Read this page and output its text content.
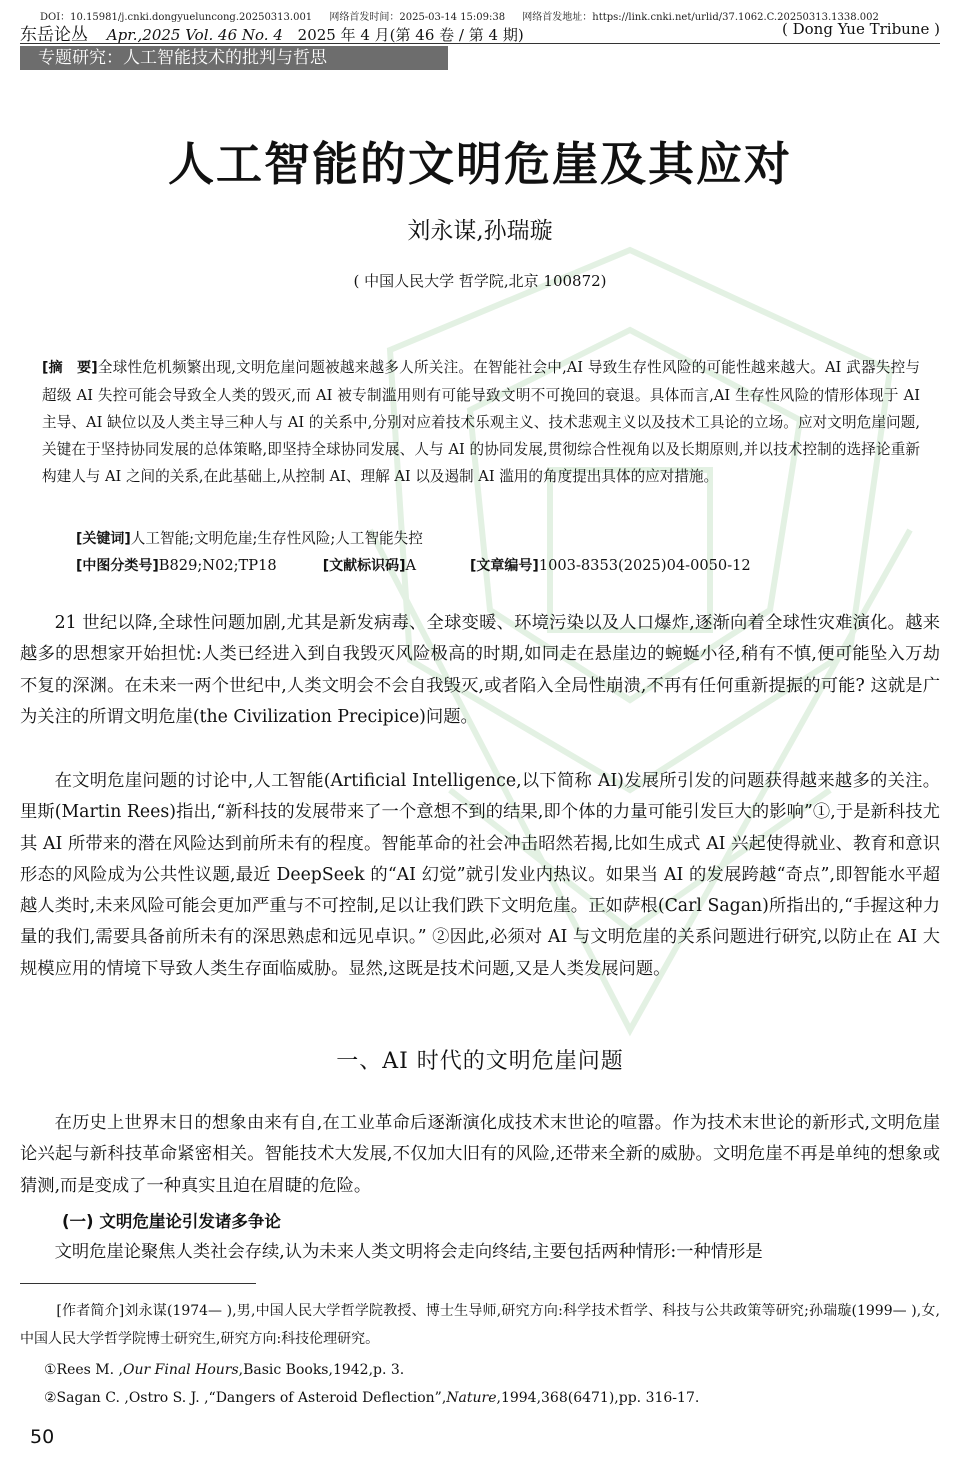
DOI：10.15981/j.cnki.dongyueluncong.20250313.001 网络首发时间：2025-03-14 15:09:38 网络首发地址：https://link.cnki.net/urlid/37.1062.C.20250313.1338.002
东岳论丛 Apr.,2025 Vol. 46 No. 4 2025 年 4 月(第 46 卷 / 第 4 期)	( Dong Yue Tribune )
专题研究：人工智能技术的批判与哲思
人工智能的文明危崖及其应对
刘永谋,孙瑞璇
( 中国人民大学 哲学院,北京 100872)

[摘　要]全球性危机频繁出现,文明危崖问题被越来越多人所关注。在智能社会中,AI 导致生存性风险的可能性越来越大。AI 武器失控与超级 AI 失控可能会导致全人类的毁灭,而 AI 被专制滥用则有可能导致文明不可挽回的衰退。具体而言,AI 生存性风险的情形体现于 AI 主导、AI 缺位以及人类主导三种人与 AI 的关系中,分别对应着技术乐观主义、技术悲观主义以及技术工具论的立场。应对文明危崖问题,关键在于坚持协同发展的总体策略,即坚持全球协同发展、人与 AI 的协同发展,贯彻综合性视角以及长期原则,并以技术控制的选择论重新构建人与 AI 之间的关系,在此基础上,从控制 AI、理解 AI 以及遏制 AI 滥用的角度提出具体的应对措施。

[关键词]人工智能;文明危崖;生存性风险;人工智能失控
[中图分类号]B829;N02;TP18	[文献标识码]A	[文章编号]1003-8353(2025)04-0050-12

21 世纪以降,全球性问题加剧,尤其是新发病毒、全球变暖、环境污染以及人口爆炸,逐渐向着全球性灾难演化。越来越多的思想家开始担忧:人类已经进入到自我毁灭风险极高的时期,如同走在悬崖边的蜿蜒小径,稍有不慎,便可能坠入万劫不复的深渊。在未来一两个世纪中,人类文明会不会自我毁灭,或者陷入全局性崩溃,不再有任何重新提振的可能? 这就是广为关注的所谓文明危崖(the Civilization Precipice)问题。

在文明危崖问题的讨论中,人工智能(Artificial Intelligence,以下简称 AI)发展所引发的问题获得越来越多的关注。里斯(Martin Rees)指出,“新科技的发展带来了一个意想不到的结果,即个体的力量可能引发巨大的影响”①,于是新科技尤其 AI 所带来的潜在风险达到前所未有的程度。智能革命的社会冲击昭然若揭,比如生成式 AI 兴起使得就业、教育和意识形态的风险成为公共性议题,最近 DeepSeek 的“AI 幻觉”就引发业内热议。如果当 AI 的发展跨越“奇点”,即智能水平超越人类时,未来风险可能会更加严重与不可控制,足以让我们跌下文明危崖。正如萨根(Carl Sagan)所指出的,“手握这种力量的我们,需要具备前所未有的深思熟虑和远见卓识。” ②因此,必须对 AI 与文明危崖的关系问题进行研究,以防止在 AI 大规模应用的情境下导致人类生存面临威胁。显然,这既是技术问题,又是人类发展问题。

一、AI 时代的文明危崖问题

在历史上世界末日的想象由来有自,在工业革命后逐渐演化成技术末世论的喧嚣。作为技术末世论的新形式,文明危崖论兴起与新科技革命紧密相关。智能技术大发展,不仅加大旧有的风险,还带来全新的威胁。文明危崖不再是单纯的想象或猜测,而是变成了一种真实且迫在眉睫的危险。

(一) 文明危崖论引发诸多争论

文明危崖论聚焦人类社会存续,认为未来人类文明将会走向终结,主要包括两种情形:一种情形是

[作者简介]刘永谋(1974— ),男,中国人民大学哲学院教授、博士生导师,研究方向:科学技术哲学、科技与公共政策等研究;孙瑞璇(1999— ),女,中国人民大学哲学院博士研究生,研究方向:科技伦理研究。

①Rees M. ,Our Final Hours,Basic Books,1942,p. 3.
②Sagan C. ,Ostro S. J. ,“Dangers of Asteroid Deflection”,Nature,1994,368(6471),pp. 316-17.
50
